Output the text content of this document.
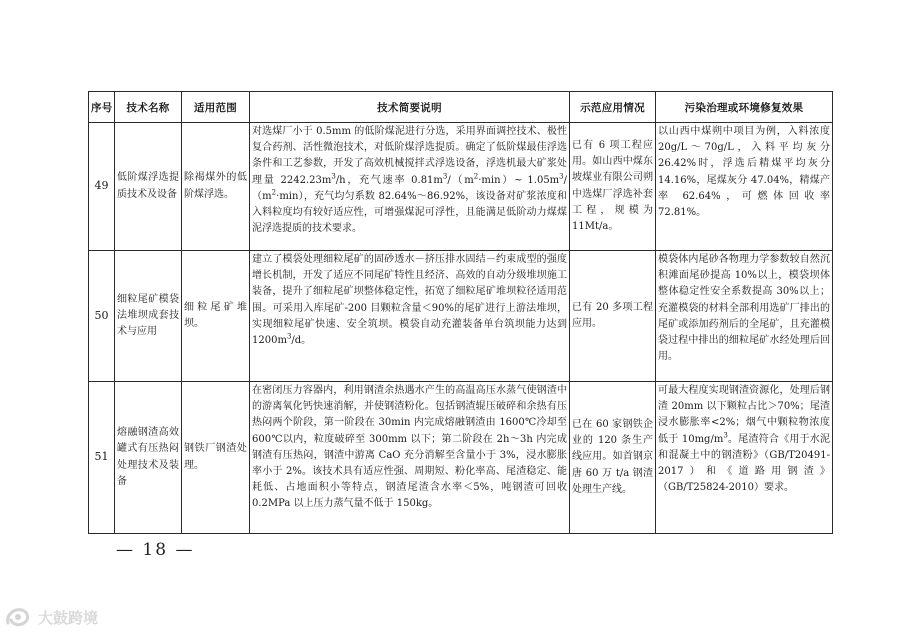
序号	技术名称	适用范围	技术简要说明	示范应用情况	污染治理或环境修复效果
49	低阶煤浮选提质技术及设备	除褐煤外的低阶煤浮选。	对选煤厂小于 0.5mm 的低阶煤泥进行分选，采用界面调控技术、极性复合药剂、活性微泡技术，对低阶煤浮选提质。确定了低阶煤最佳浮选条件和工艺参数，开发了高效机械搅拌式浮选设备，浮选机最大矿浆处理量 $2242.23m^3/h$，充气速率 $0.81m^3/(m^2\cdot\min)\sim$ $1.05m^3/(m^2\cdot\min)$，充气均匀系数 82.64%～86.92%，该设备对矿浆浓度和入料粒度均有较好适应性，可增强煤泥可浮性，且能满足低阶动力煤煤泥浮选提质的技术要求。	已有 6 项工程应用。如山西中煤东坡煤业有限公司朔中选煤厂浮选补套工程，规模为 11Mt/a。	以山西中煤朔中项目为例，入料浓度 20g/L～70g/L，入料平均灰分 26.42%时，浮选后精煤平均灰分 14.16%，尾煤灰分 47.04%，精煤产率 62.64%，可燃体回收率 72.81%。
50	细粒尾矿模袋法堆坝成套技术与应用	细粒尾矿堆坝。	建立了模袋处理细粒尾矿的固砂透水－挤压排水固结－约束成型的强度增长机制，开发了适应不同尾矿特性且经济、高效的自动分级堆坝施工装备，提升了细粒尾矿坝整体稳定性，拓宽了细粒尾矿堆坝粒径适用范围。可采用入库尾矿-200 目颗粒含量＜90%的尾矿进行上游法堆坝，实现细粒尾矿快速、安全筑坝。模袋自动充灌装备单台筑坝能力达到 $1200m^3/d$。	已有 20 多项工程应用。	模袋体内尾砂各物理力学参数较自然沉积滩面尾砂提高 10%以上，模袋坝体整体稳定性安全系数提高 30%以上；充灌模袋的材料全部利用选矿厂排出的尾矿或添加药剂后的全尾矿，且充灌模袋过程中排出的细粒尾矿水经处理后回用。
51	熔融钢渣高效罐式有压热闷处理技术及装备	钢铁厂钢渣处理。	在密闭压力容器内，利用钢渣余热遇水产生的高温高压水蒸气使钢渣中的游离氧化钙快速消解，并使钢渣粉化。包括钢渣辊压破碎和余热有压热闷两个阶段，第一阶段在 30min 内完成熔融钢渣由 1600℃冷却至 600℃以内，粒度破碎至 300mm 以下；第二阶段在 2h～3h 内完成钢渣有压热闷，钢渣中游离 CaO 充分消解至含量小于 3%，浸水膨胀率小于 2%。该技术具有适应性强、周期短、粉化率高、尾渣稳定、能耗低、占地面积小等特点，钢渣尾渣含水率＜5%，吨钢渣可回收 0.2MPa 以上压力蒸气量不低于 150kg。	已在 60 家钢铁企业的 120 条生产线应用。如首钢京唐 60 万 t/a 钢渣处理生产线。	可最大程度实现钢渣资源化，处理后钢渣 20mm 以下颗粒占比＞70%；尾渣浸水膨胀率<2%；烟气中颗粒物浓度低于 $10mg/m^3$。尾渣符合《用于水泥和混凝土中的钢渣粉》（GB/T20491-2017）和《道路用钢渣》（GB/T25824-2010）要求。
— 18 —
大鼓跨境
